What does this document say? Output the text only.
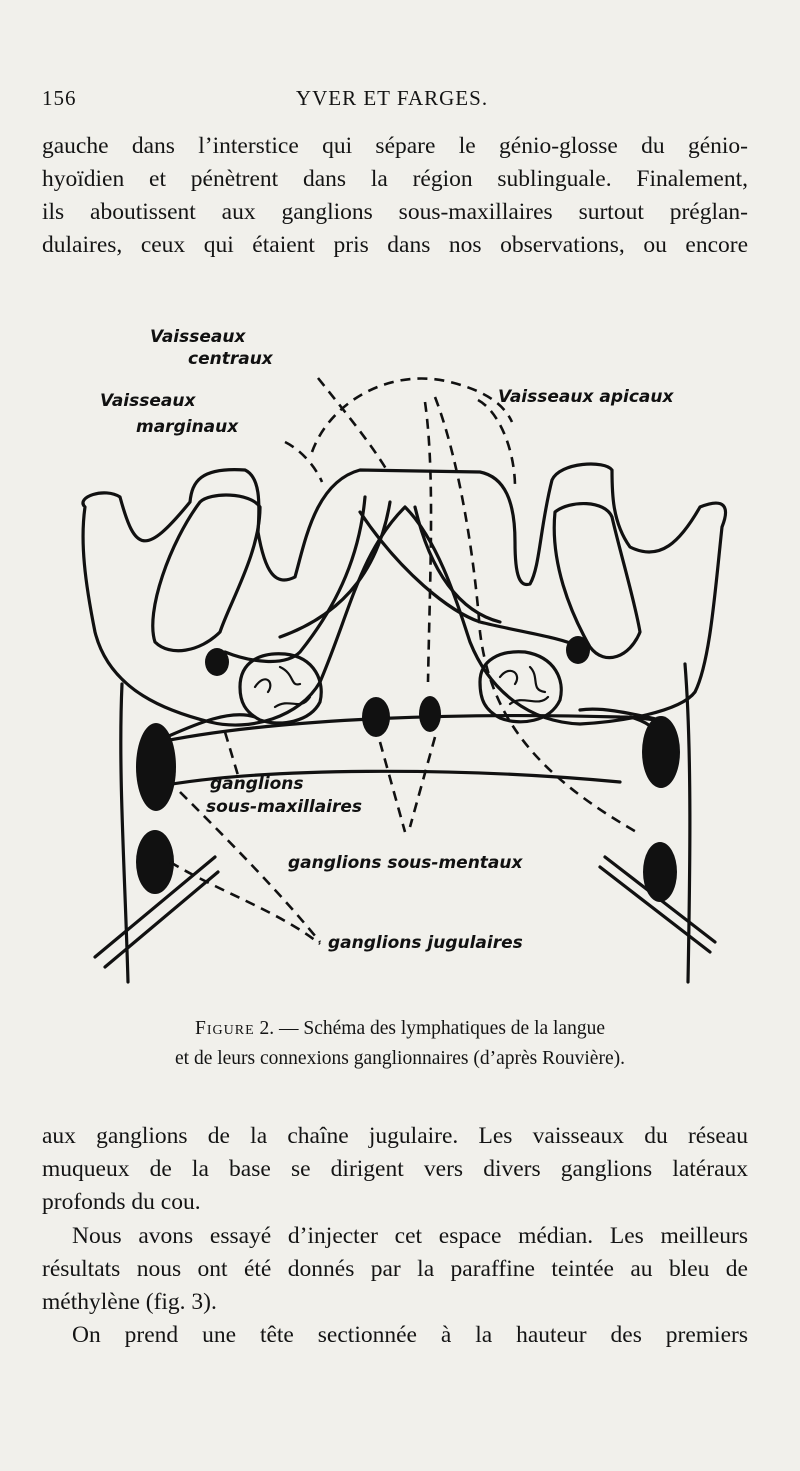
156	YVER ET FARGES.

gauche dans l’interstice qui sépare le génio-glosse du génio-
hyoïdien et pénètrent dans la région sublinguale. Finalement,
ils aboutissent aux ganglions sous-maxillaires surtout préglan-
dulaires, ceux qui étaient pris dans nos observations, ou encore

Vaisseaux
centraux
Vaisseaux
marginaux
Vaisseaux apicaux
ganglions
sous-maxillaires
ganglions sous-mentaux
ganglions jugulaires
Figure 2. — Schéma des lymphatiques de la langue
et de leurs connexions ganglionnaires (d’après Rouvière).

aux ganglions de la chaîne jugulaire. Les vaisseaux du réseau
muqueux de la base se dirigent vers divers ganglions latéraux
profonds du cou.

Nous avons essayé d’injecter cet espace médian. Les meilleurs
résultats nous ont été donnés par la paraffine teintée au bleu de
méthylène (fig. 3).

On prend une tête sectionnée à la hauteur des premiers
